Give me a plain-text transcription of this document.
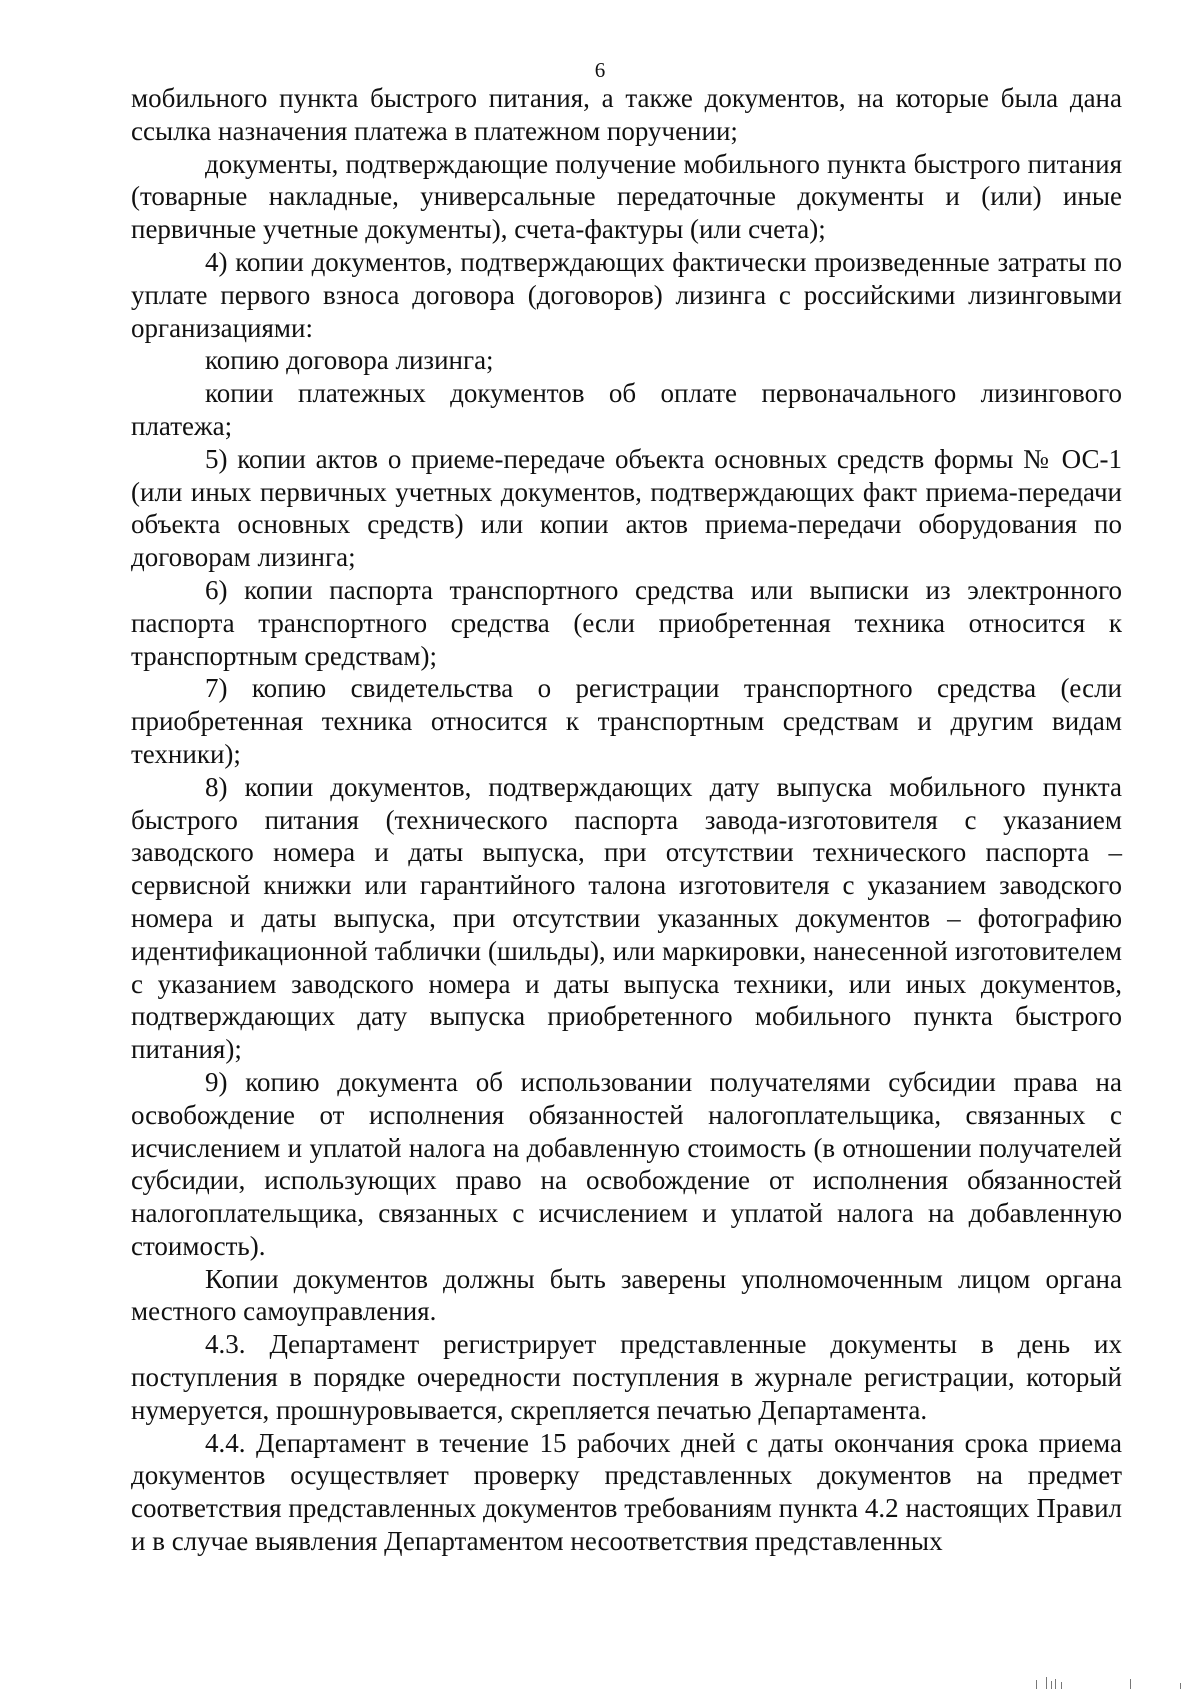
6

мобильного пункта быстрого питания, а также документов, на которые была дана ссылка назначения платежа в платежном поручении;

документы, подтверждающие получение мобильного пункта быстрого питания (товарные накладные, универсальные передаточные документы и (или) иные первичные учетные документы), счета-фактуры (или счета);

4) копии документов, подтверждающих фактически произведенные затраты по уплате первого взноса договора (договоров) лизинга с российскими лизинговыми организациями:

копию договора лизинга;

копии платежных документов об оплате первоначального лизингового платежа;

5) копии актов о приеме-передаче объекта основных средств формы № ОС-1 (или иных первичных учетных документов, подтверждающих факт приема-передачи объекта основных средств) или копии актов приема-передачи оборудования по договорам лизинга;

6) копии паспорта транспортного средства или выписки из электронного паспорта транспортного средства (если приобретенная техника относится к транспортным средствам);

7) копию свидетельства о регистрации транспортного средства (если приобретенная техника относится к транспортным средствам и другим видам техники);

8) копии документов, подтверждающих дату выпуска мобильного пункта быстрого питания (технического паспорта завода-изготовителя с указанием заводского номера и даты выпуска, при отсутствии технического паспорта – сервисной книжки или гарантийного талона изготовителя с указанием заводского номера и даты выпуска, при отсутствии указанных документов – фотографию идентификационной таблички (шильды), или маркировки, нанесенной изготовителем с указанием заводского номера и даты выпуска техники, или иных документов, подтверждающих дату выпуска приобретенного мобильного пункта быстрого питания);

9) копию документа об использовании получателями субсидии права на освобождение от исполнения обязанностей налогоплательщика, связанных с исчислением и уплатой налога на добавленную стоимость (в отношении получателей субсидии, использующих право на освобождение от исполнения обязанностей налогоплательщика, связанных с исчислением и уплатой налога на добавленную стоимость).

Копии документов должны быть заверены уполномоченным лицом органа местного самоуправления.

4.3. Департамент регистрирует представленные документы в день их поступления в порядке очередности поступления в журнале регистрации, который нумеруется, прошнуровывается, скрепляется печатью Департамента.

4.4. Департамент в течение 15 рабочих дней с даты окончания срока приема документов осуществляет проверку представленных документов на предмет соответствия представленных документов требованиям пункта 4.2 настоящих Правил и в случае выявления Департаментом несоответствия представленных
